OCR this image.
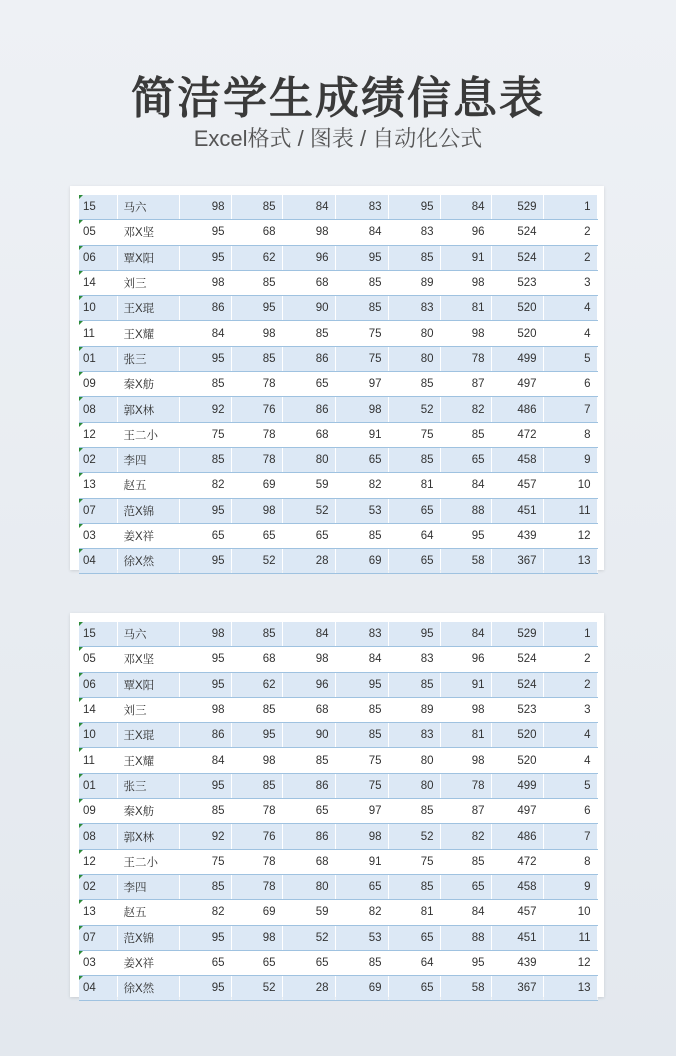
简洁学生成绩信息表
Excel格式 / 图表 / 自动化公式
15	马六	98	85	84	83	95	84	529	1
05	邓X坚	95	68	98	84	83	96	524	2
06	覃X阳	95	62	96	95	85	91	524	2
14	刘三	98	85	68	85	89	98	523	3
10	王X琨	86	95	90	85	83	81	520	4
11	王X耀	84	98	85	75	80	98	520	4
01	张三	95	85	86	75	80	78	499	5
09	秦X舫	85	78	65	97	85	87	497	6
08	郭X林	92	76	86	98	52	82	486	7
12	王二小	75	78	68	91	75	85	472	8
02	李四	85	78	80	65	85	65	458	9
13	赵五	82	69	59	82	81	84	457	10
07	范X锦	95	98	52	53	65	88	451	11
03	姜X祥	65	65	65	85	64	95	439	12
04	徐X然	95	52	28	69	65	58	367	13
15	马六	98	85	84	83	95	84	529	1
05	邓X坚	95	68	98	84	83	96	524	2
06	覃X阳	95	62	96	95	85	91	524	2
14	刘三	98	85	68	85	89	98	523	3
10	王X琨	86	95	90	85	83	81	520	4
11	王X耀	84	98	85	75	80	98	520	4
01	张三	95	85	86	75	80	78	499	5
09	秦X舫	85	78	65	97	85	87	497	6
08	郭X林	92	76	86	98	52	82	486	7
12	王二小	75	78	68	91	75	85	472	8
02	李四	85	78	80	65	85	65	458	9
13	赵五	82	69	59	82	81	84	457	10
07	范X锦	95	98	52	53	65	88	451	11
03	姜X祥	65	65	65	85	64	95	439	12
04	徐X然	95	52	28	69	65	58	367	13
